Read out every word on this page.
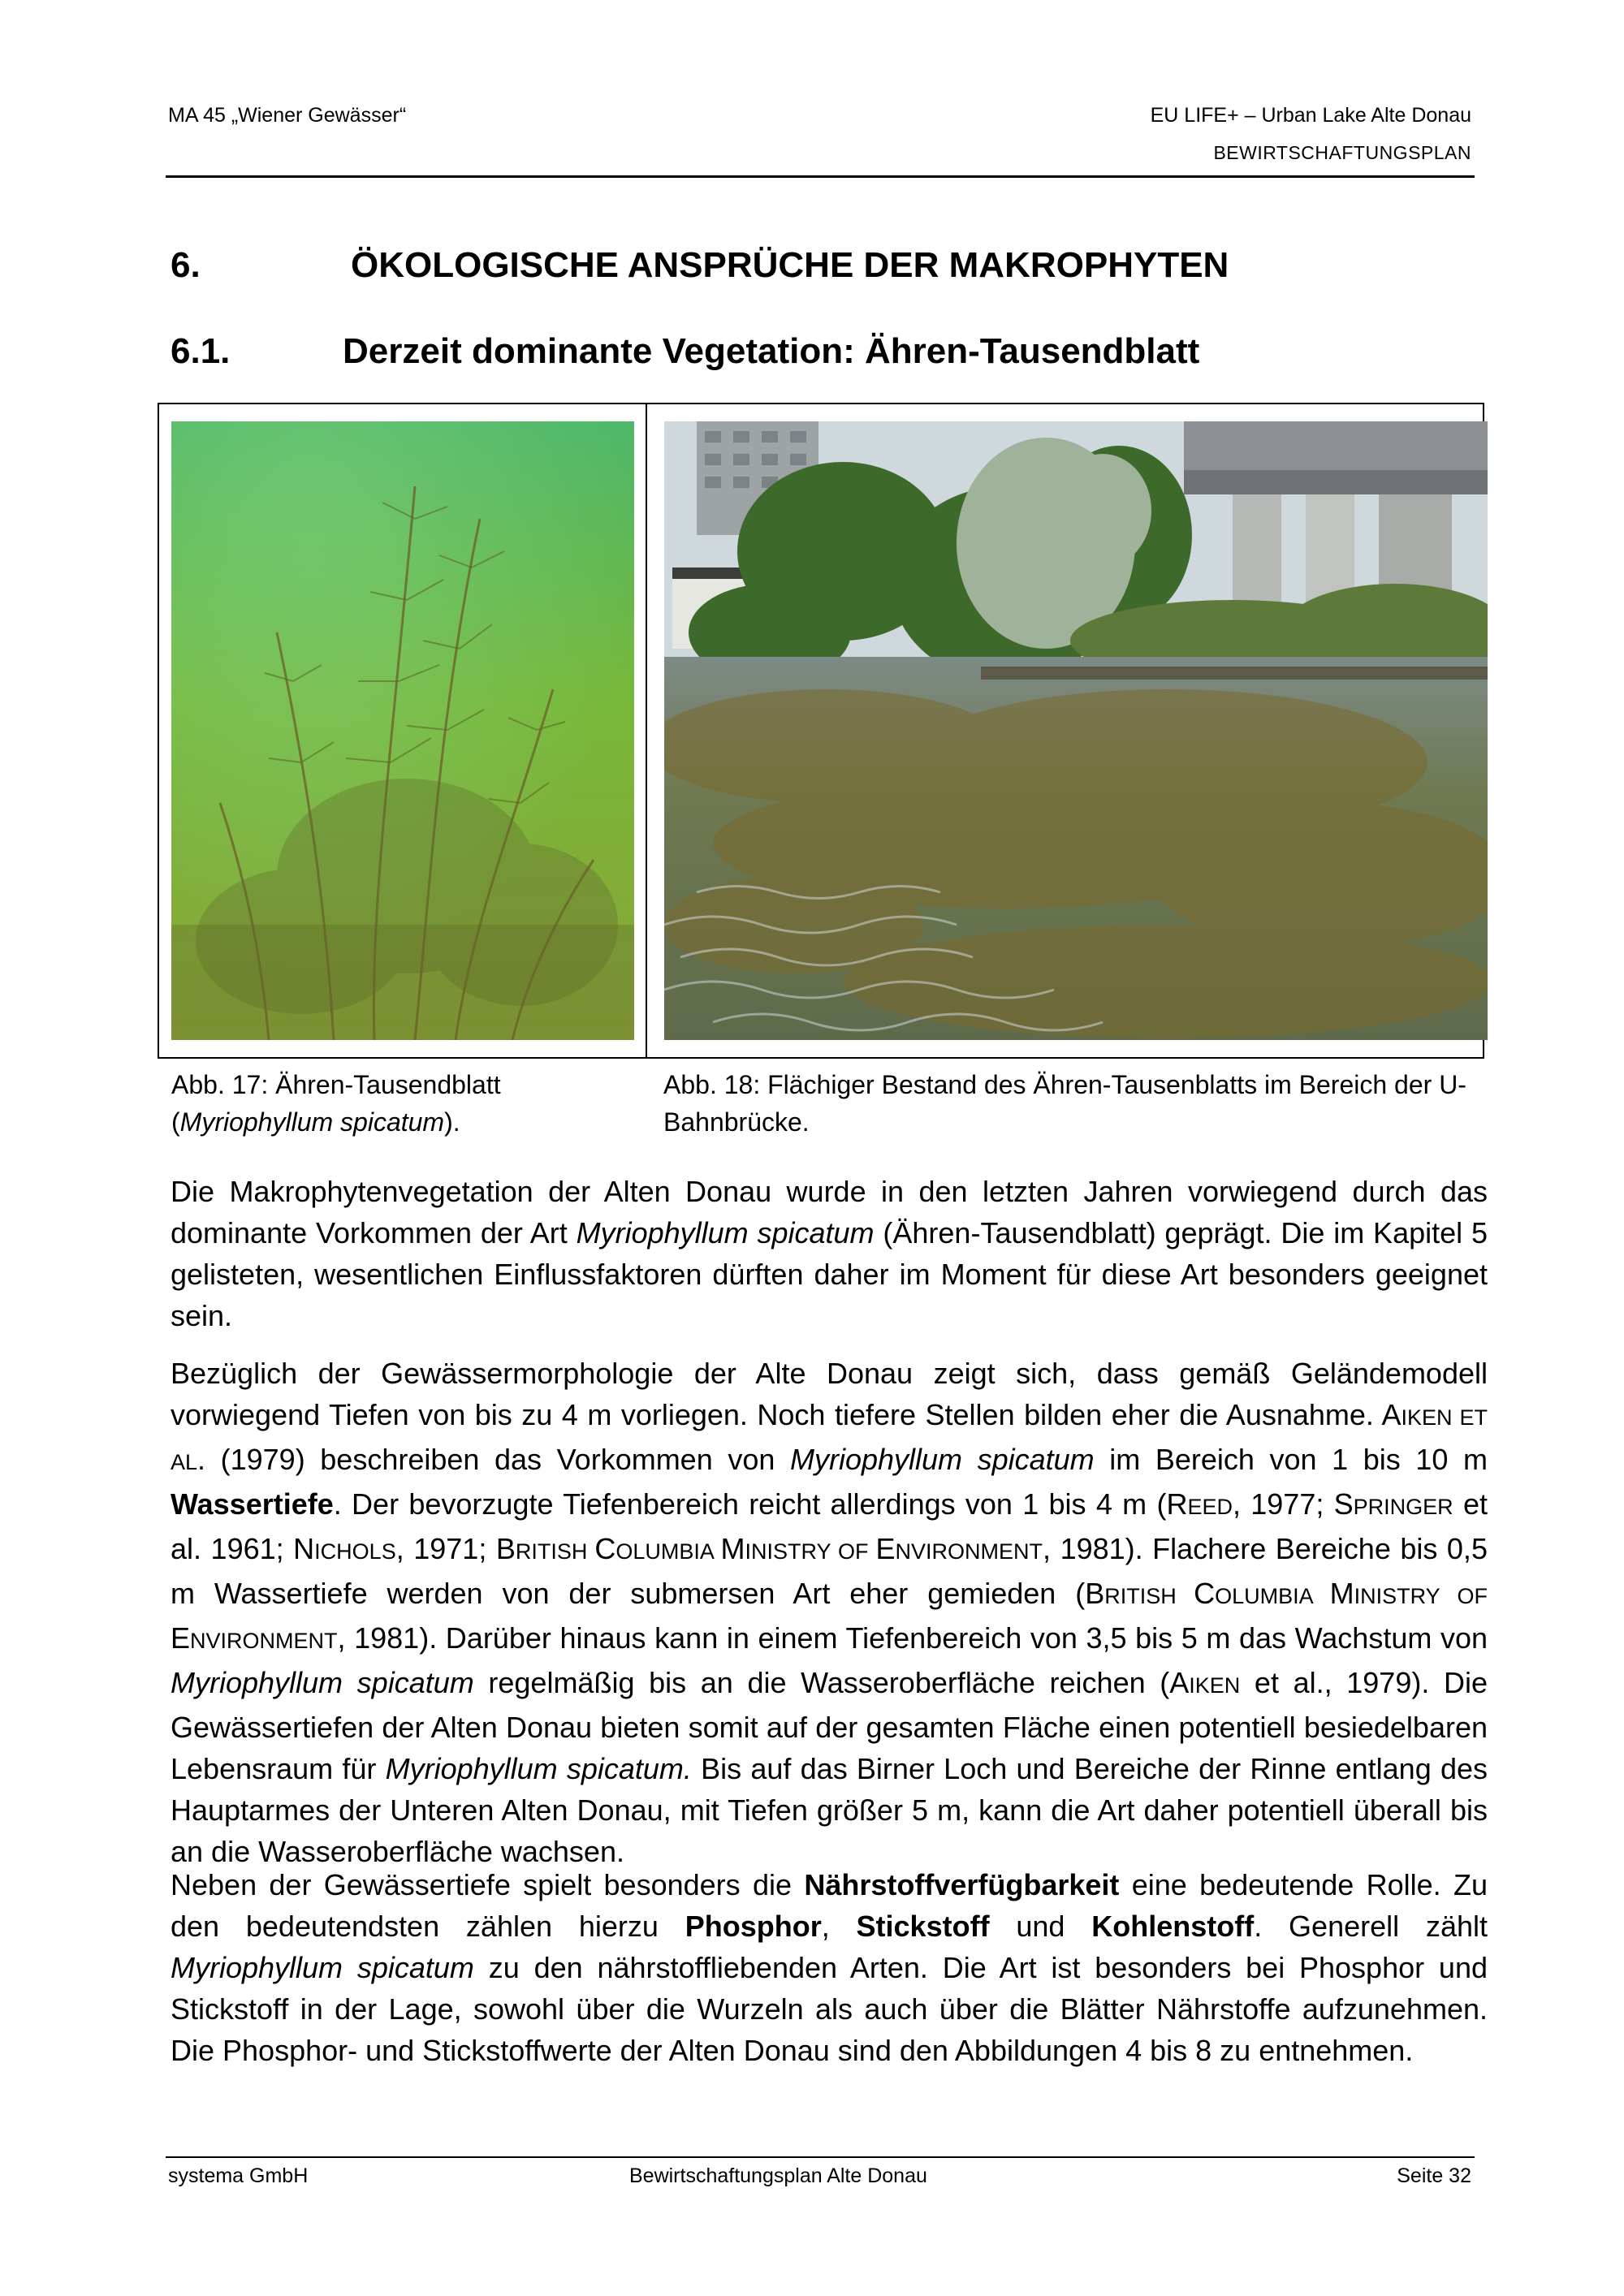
MA 45 „Wiener Gewässer“	EU LIFE+ – Urban Lake Alte Donau
BEWIRTSCHAFTUNGSPLAN
6.	ÖKOLOGISCHE ANSPRÜCHE DER MAKROPHYTEN
6.1.	Derzeit dominante Vegetation: Ähren-Tausendblatt
Abb. 17: Ähren-Tausendblatt
(Myriophyllum spicatum).
Abb. 18: Flächiger Bestand des Ähren-Tausenblatts im Bereich der U-Bahnbrücke.
Die Makrophytenvegetation der Alten Donau wurde in den letzten Jahren vorwiegend durch das dominante Vorkommen der Art Myriophyllum spicatum (Ähren-Tausendblatt) geprägt. Die im Kapitel 5 gelisteten, wesentlichen Einflussfaktoren dürften daher im Moment für diese Art besonders geeignet sein.
Bezüglich der Gewässermorphologie der Alte Donau zeigt sich, dass gemäß Geländemodell vorwiegend Tiefen von bis zu 4 m vorliegen. Noch tiefere Stellen bilden eher die Ausnahme. AIKEN ET AL. (1979) beschreiben das Vorkommen von Myriophyllum spicatum im Bereich von 1 bis 10 m Wassertiefe. Der bevorzugte Tiefenbereich reicht allerdings von 1 bis 4 m (REED, 1977; SPRINGER et al. 1961; NICHOLS, 1971; BRITISH COLUMBIA MINISTRY OF ENVIRONMENT, 1981). Flachere Bereiche bis 0,5 m Wassertiefe werden von der submersen Art eher gemieden (BRITISH COLUMBIA MINISTRY OF ENVIRONMENT, 1981). Darüber hinaus kann in einem Tiefenbereich von 3,5 bis 5 m das Wachstum von Myriophyllum spicatum regelmäßig bis an die Wasseroberfläche reichen (AIKEN et al., 1979). Die Gewässertiefen der Alten Donau bieten somit auf der gesamten Fläche einen potentiell besiedelbaren Lebensraum für Myriophyllum spicatum. Bis auf das Birner Loch und Bereiche der Rinne entlang des Hauptarmes der Unteren Alten Donau, mit Tiefen größer 5 m, kann die Art daher potentiell überall bis an die Wasseroberfläche wachsen.
Neben der Gewässertiefe spielt besonders die Nährstoffverfügbarkeit eine bedeutende Rolle. Zu den bedeutendsten zählen hierzu Phosphor, Stickstoff und Kohlenstoff. Generell zählt Myriophyllum spicatum zu den nährstoffliebenden Arten. Die Art ist besonders bei Phosphor und Stickstoff in der Lage, sowohl über die Wurzeln als auch über die Blätter Nährstoffe aufzunehmen. Die Phosphor- und Stickstoffwerte der Alten Donau sind den Abbildungen 4 bis 8 zu entnehmen.
systema GmbH	Bewirtschaftungsplan Alte Donau	Seite 32
